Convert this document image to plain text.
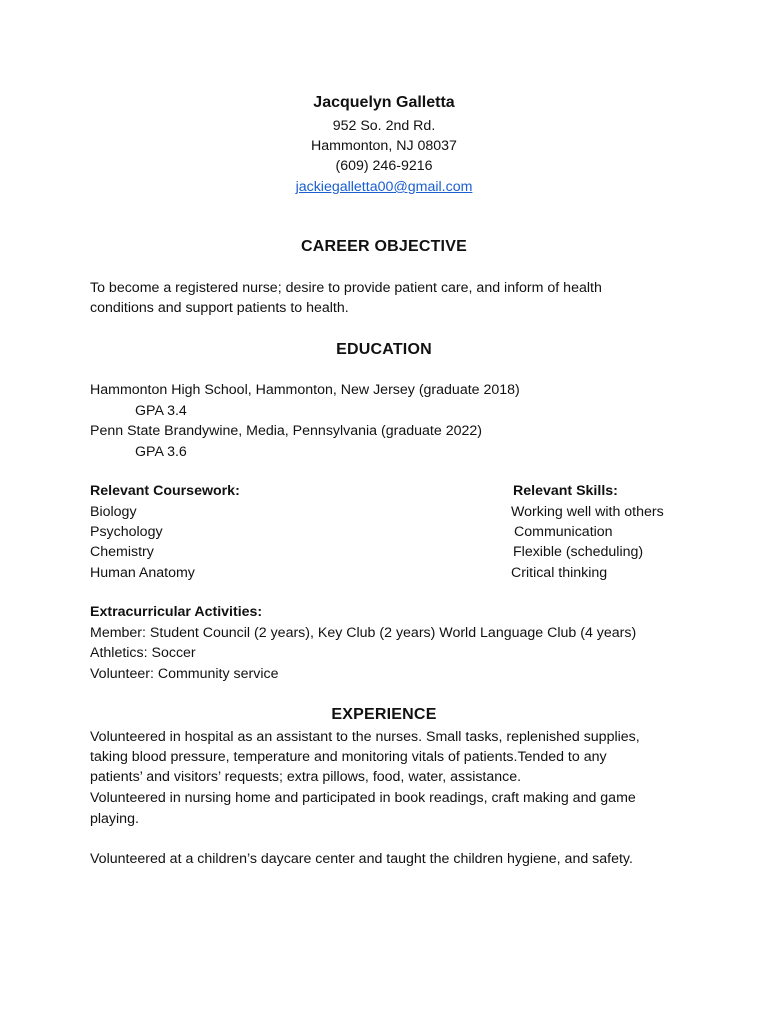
Jacquelyn Galletta
952 So. 2nd Rd.
Hammonton, NJ 08037
(609) 246-9216
jackiegalletta00@gmail.com
CAREER OBJECTIVE
To become a registered nurse; desire to provide patient care, and inform of health
conditions and support patients to health.
EDUCATION
Hammonton High School, Hammonton, New Jersey (graduate 2018)
GPA 3.4
Penn State Brandywine, Media, Pennsylvania (graduate 2022)
GPA 3.6
Relevant Coursework:
Biology
Psychology
Chemistry
Human Anatomy
Relevant Skills:
Working well with others
Communication
Flexible (scheduling)
Critical thinking
Extracurricular Activities:
Member: Student Council (2 years), Key Club (2 years) World Language Club (4 years)
Athletics: Soccer
Volunteer: Community service
EXPERIENCE
Volunteered in hospital as an assistant to the nurses. Small tasks, replenished supplies,
taking blood pressure, temperature and monitoring vitals of patients.Tended to any
patients’ and visitors’ requests; extra pillows, food, water, assistance.
Volunteered in nursing home and participated in book readings, craft making and game
playing.
Volunteered at a children’s daycare center and taught the children hygiene, and safety.
